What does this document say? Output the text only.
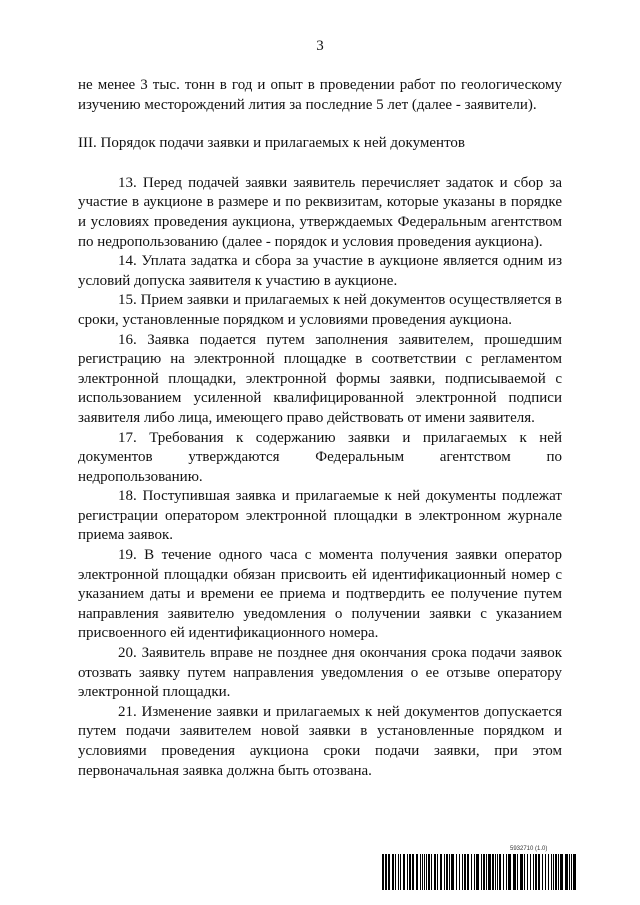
3

не менее 3 тыс. тонн в год и опыт в проведении работ по геологическому изучению месторождений лития за последние 5 лет (далее - заявители).

III. Порядок подачи заявки и прилагаемых к ней документов

13. Перед подачей заявки заявитель перечисляет задаток и сбор за участие в аукционе в размере и по реквизитам, которые указаны в порядке и условиях проведения аукциона, утверждаемых Федеральным агентством по недропользованию (далее - порядок и условия проведения аукциона).

14. Уплата задатка и сбора за участие в аукционе является одним из условий допуска заявителя к участию в аукционе.

15. Прием заявки и прилагаемых к ней документов осуществляется в сроки, установленные порядком и условиями проведения аукциона.

16. Заявка подается путем заполнения заявителем, прошедшим регистрацию на электронной площадке в соответствии с регламентом электронной площадки, электронной формы заявки, подписываемой с использованием усиленной квалифицированной электронной подписи заявителя либо лица, имеющего право действовать от имени заявителя.

17. Требования к содержанию заявки и прилагаемых к ней документов утверждаются Федеральным агентством по недропользованию.

18. Поступившая заявка и прилагаемые к ней документы подлежат регистрации оператором электронной площадки в электронном журнале приема заявок.

19. В течение одного часа с момента получения заявки оператор электронной площадки обязан присвоить ей идентификационный номер с указанием даты и времени ее приема и подтвердить ее получение путем направления заявителю уведомления о получении заявки с указанием присвоенного ей идентификационного номера.

20. Заявитель вправе не позднее дня окончания срока подачи заявок отозвать заявку путем направления уведомления о ее отзыве оператору электронной площадки.

21. Изменение заявки и прилагаемых к ней документов допускается путем подачи заявителем новой заявки в установленные порядком и условиями проведения аукциона сроки подачи заявки, при этом первоначальная заявка должна быть отозвана.

5932710 (1.0)
